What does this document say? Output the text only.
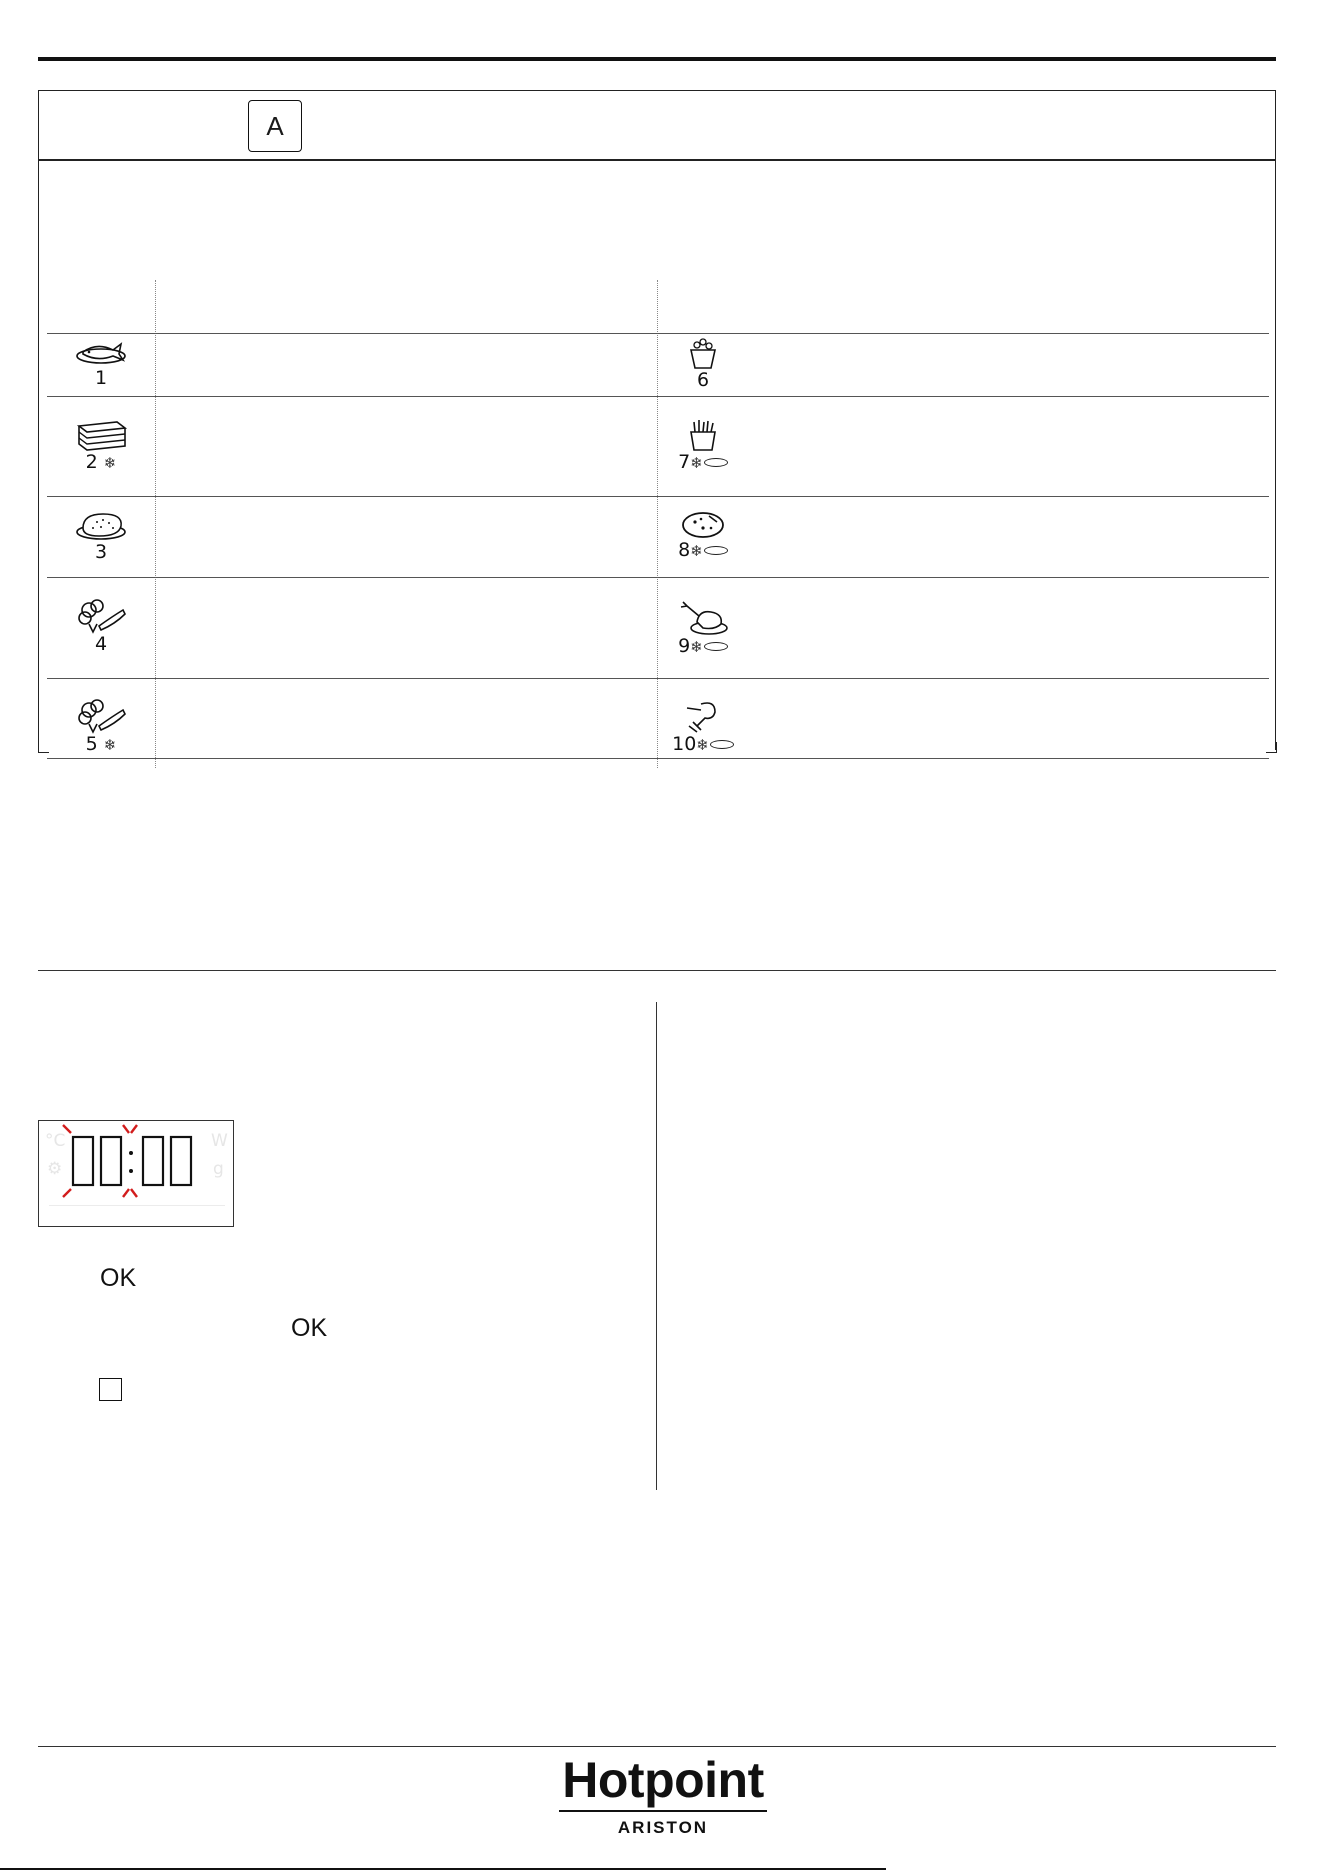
A
1
2 ❄
3
4
5 ❄
6
7❄
8❄
9❄
10❄
°C
⚙
W
g
OK
OK
Hotpoint
ARISTON
